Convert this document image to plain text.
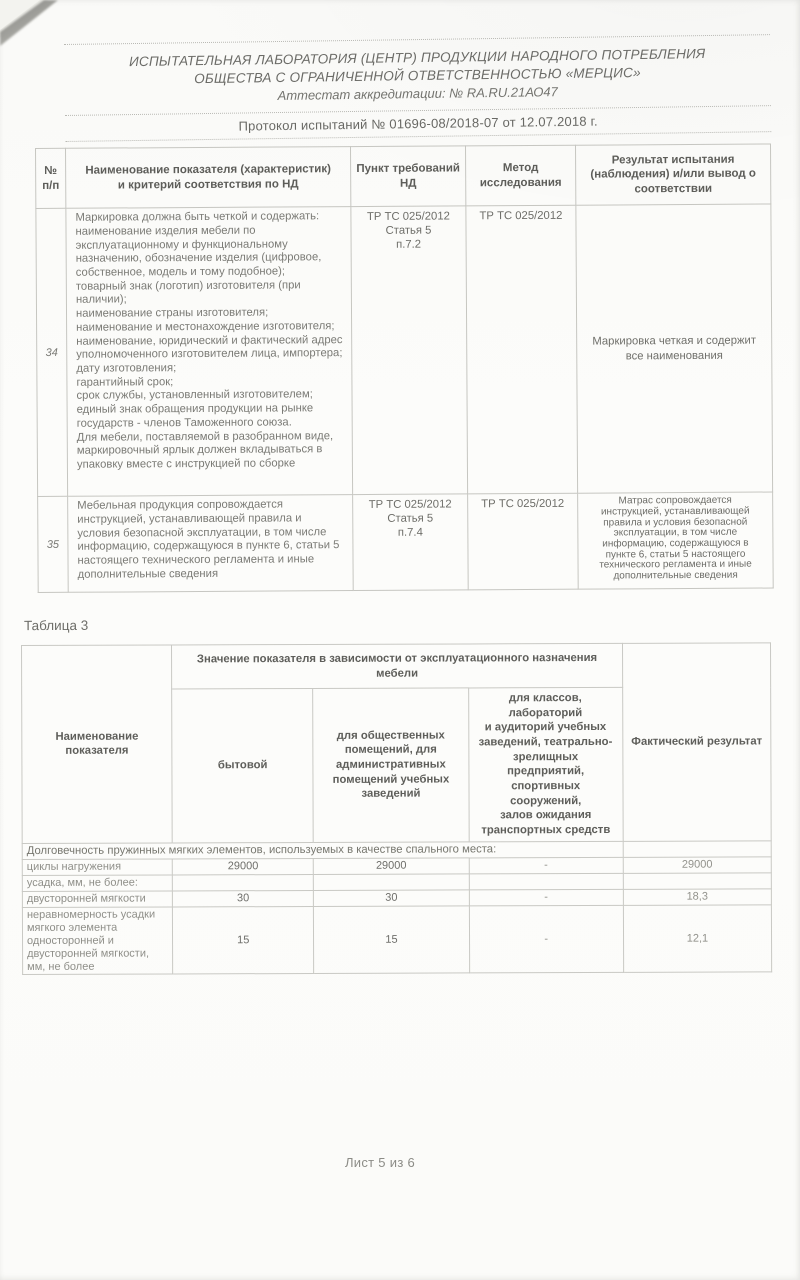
ИСПЫТАТЕЛЬНАЯ ЛАБОРАТОРИЯ (ЦЕНТР) ПРОДУКЦИИ НАРОДНОГО ПОТРЕБЛЕНИЯ
ОБЩЕСТВА С ОГРАНИЧЕННОЙ ОТВЕТСТВЕННОСТЬЮ «МЕРЦИС»
Аттестат аккредитации: № RA.RU.21АО47
Протокол испытаний № 01696-08/2018-07 от 12.07.2018 г.
№
п/п	Наименование показателя (характеристик)
и критерий соответствия по НД	Пункт требований
НД	Метод
исследования	Результат испытания
(наблюдения) и/или вывод о
соответствии
34	Маркировка должна быть четкой и содержать:
наименование изделия мебели по эксплуатационному и функциональному назначению, обозначение изделия (цифровое, собственное, модель и тому подобное);
товарный знак (логотип) изготовителя (при наличии);
наименование страны изготовителя;
наименование и местонахождение изготовителя;
наименование, юридический и фактический адрес уполномоченного изготовителем лица, импортера;
дату изготовления;
гарантийный срок;
срок службы, установленный изготовителем;
единый знак обращения продукции на рынке государств - членов Таможенного союза.
Для мебели, поставляемой в разобранном виде, маркировочный ярлык должен вкладываться в упаковку вместе с инструкцией по сборке	ТР ТС 025/2012
Статья 5
п.7.2	ТР ТС 025/2012	Маркировка четкая и содержит
все наименования
35	Мебельная продукция сопровождается инструкцией, устанавливающей правила и условия безопасной эксплуатации, в том числе информацию, содержащуюся в пункте 6, статьи 5 настоящего технического регламента и иные дополнительные сведения	ТР ТС 025/2012
Статья 5
п.7.4	ТР ТС 025/2012	Матрас сопровождается
инструкцией, устанавливающей
правила и условия безопасной
эксплуатации, в том числе
информацию, содержащуюся в
пункте 6, статьи 5 настоящего
технического регламента и иные
дополнительные сведения
Таблица 3
Наименование
показателя	Значение показателя в зависимости от эксплуатационного назначения
мебели			Фактический результат
бытовой	для общественных
помещений, для
административных
помещений учебных
заведений	для классов, лабораторий
и аудиторий учебных
заведений, театрально-
зрелищных предприятий,
спортивных сооружений,
залов ожидания
транспортных средств
Долговечность пружинных мягких элементов, используемых в качестве спального места:				
циклы нагружения	29000	29000	-	29000
усадка, мм, не более:				
двусторонней мягкости	30	30	-	18,3
неравномерность усадки
мягкого элемента
односторонней и
двусторонней мягкости,
мм, не более	15	15	-	12,1
Лист 5 из 6
